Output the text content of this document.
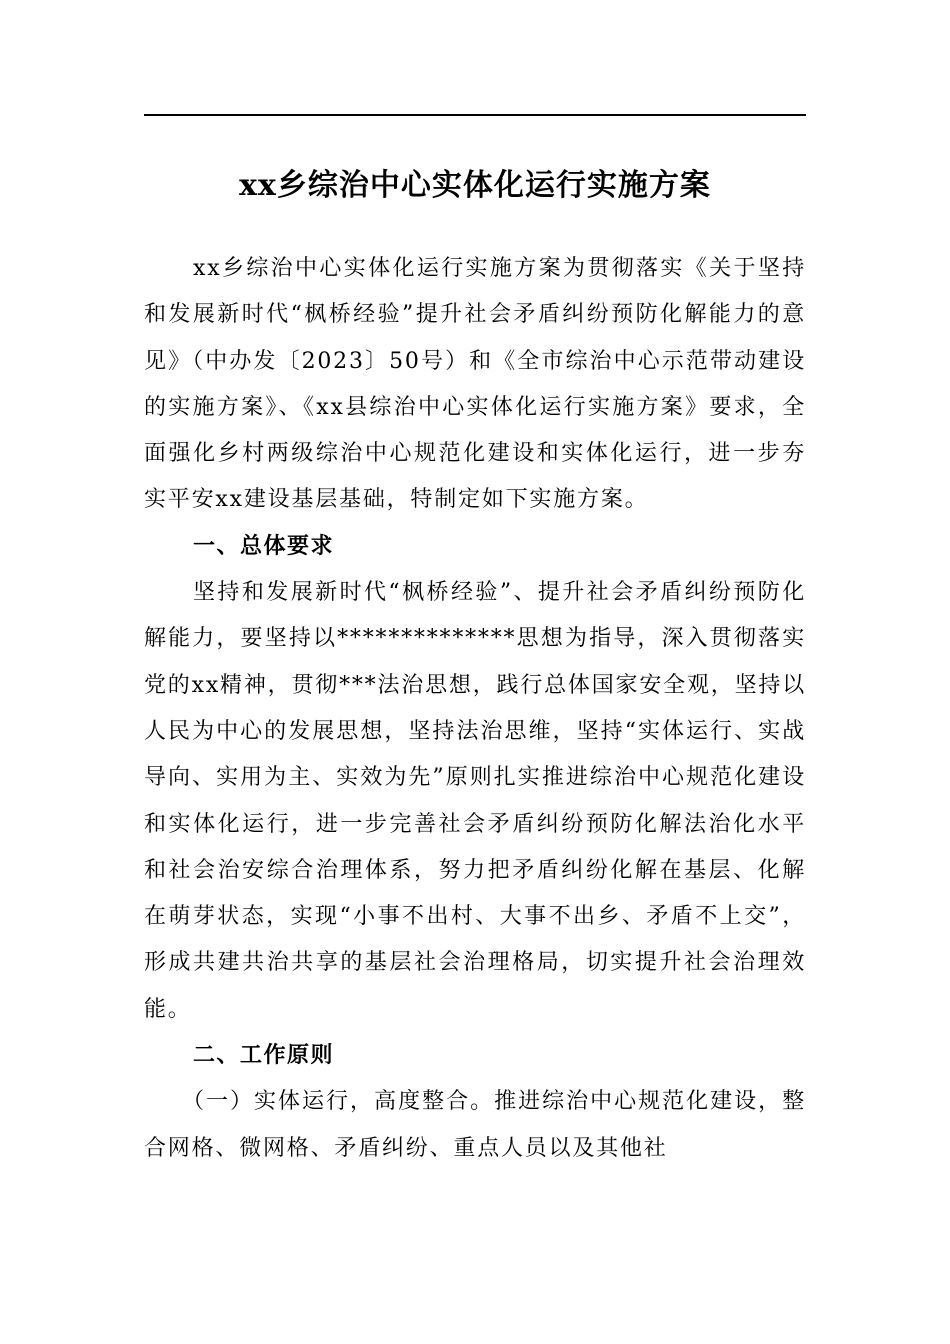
xx乡综治中心实体化运行实施方案

xx乡综治中心实体化运行实施方案为贯彻落实《关于坚持和发展新时代“枫桥经验”提升社会矛盾纠纷预防化解能力的意见》（中办发〔2023〕50号）和《全市综治中心示范带动建设的实施方案》、《xx县综治中心实体化运行实施方案》要求，全面强化乡村两级综治中心规范化建设和实体化运行，进一步夯实平安xx建设基层基础，特制定如下实施方案。

一、总体要求

坚持和发展新时代“枫桥经验”、提升社会矛盾纠纷预防化解能力，要坚持以**************思想为指导，深入贯彻落实党的xx精神，贯彻***法治思想，践行总体国家安全观，坚持以人民为中心的发展思想，坚持法治思维，坚持“实体运行、实战导向、实用为主、实效为先”原则扎实推进综治中心规范化建设和实体化运行，进一步完善社会矛盾纠纷预防化解法治化水平和社会治安综合治理体系，努力把矛盾纠纷化解在基层、化解在萌芽状态，实现“小事不出村、大事不出乡、矛盾不上交”，形成共建共治共享的基层社会治理格局，切实提升社会治理效能。

二、工作原则

（一）实体运行，高度整合。推进综治中心规范化建设，整合网格、微网格、矛盾纠纷、重点人员以及其他社
